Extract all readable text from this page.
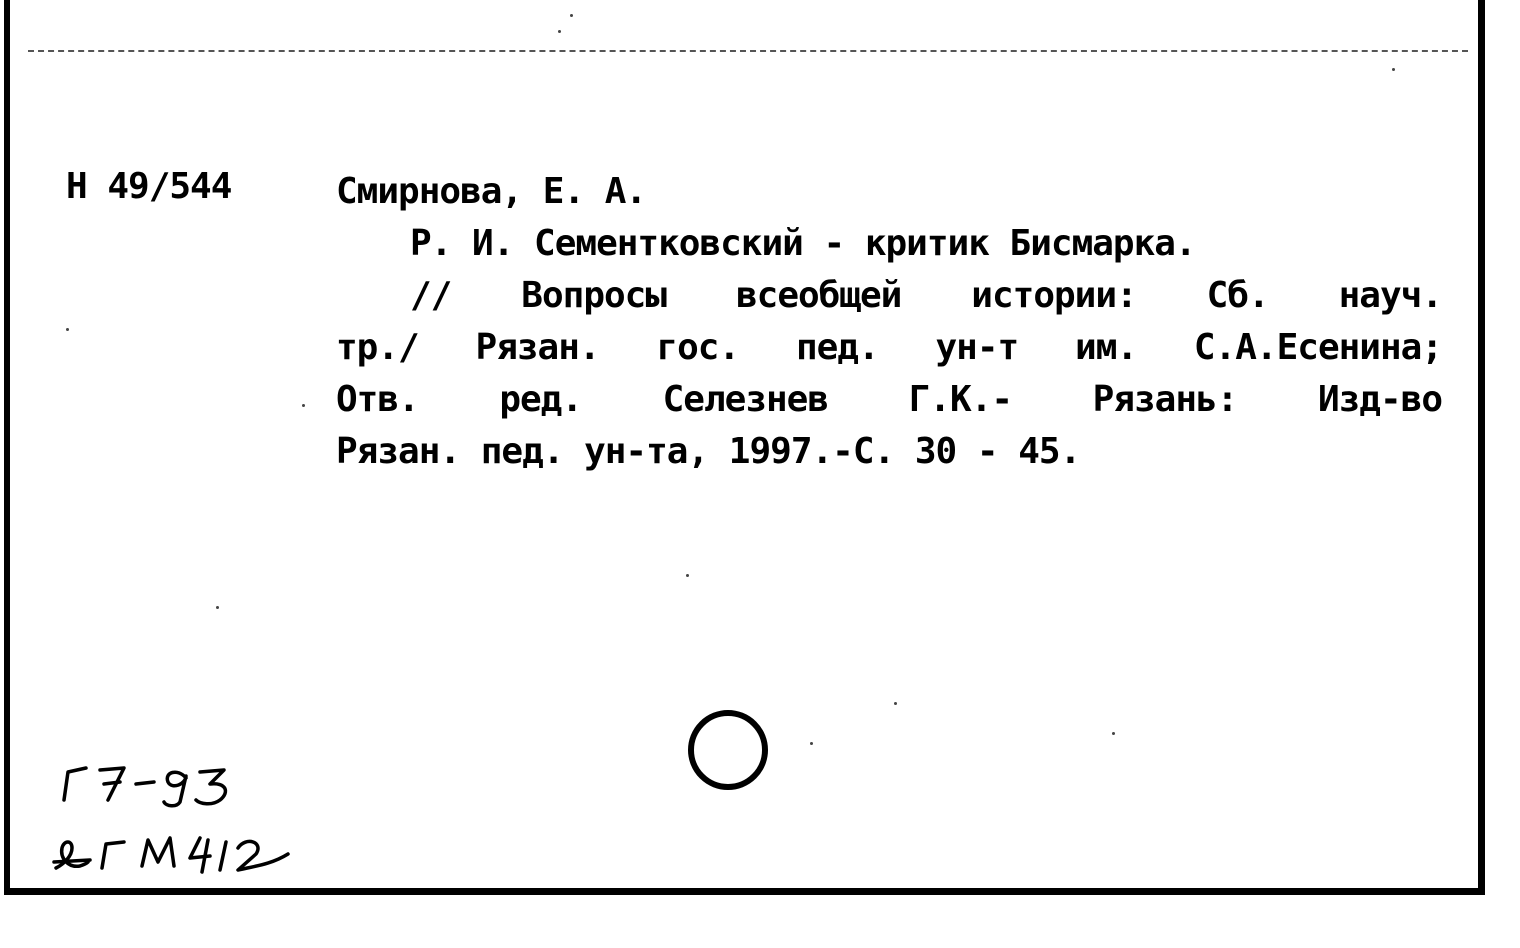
Н 49/544	Смирнова, Е. А.
Р. И. Сементковский - критик Бисмарка.
// Вопросы всеобщей истории: Сб. науч.
тр./ Рязан. гос. пед. ун-т им. С.А.Есенина;
Отв. ред. Селезнев Г.К.- Рязань: Изд-во
Рязан. пед. ун-та, 1997.-С. 30 - 45.
